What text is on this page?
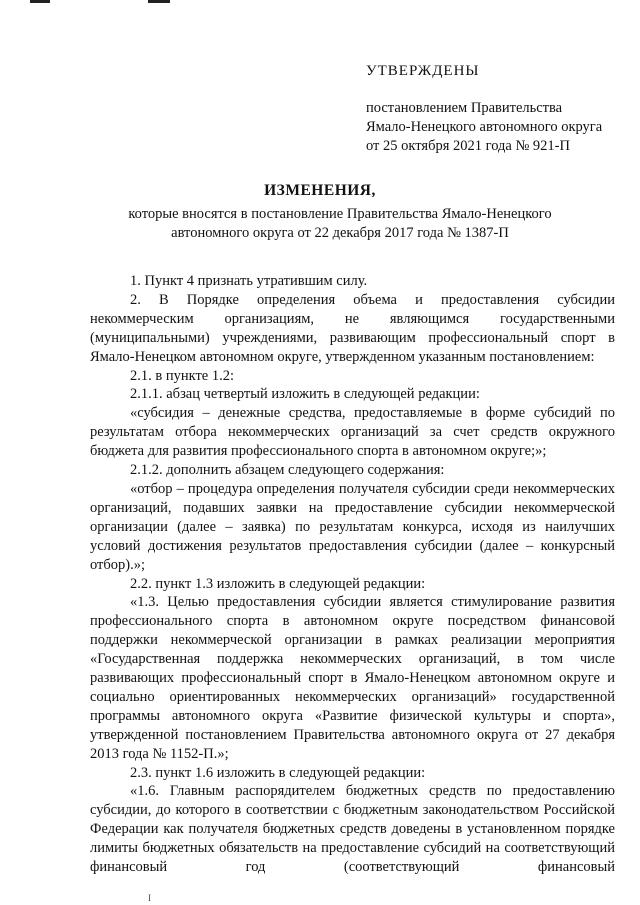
УТВЕРЖДЕНЫ
постановлением Правительства
Ямало-Ненецкого автономного округа
от 25 октября 2021 года № 921-П
ИЗМЕНЕНИЯ,
которые вносятся в постановление Правительства Ямало-Ненецкого
автономного округа от 22 декабря 2017 года № 1387-П

1. Пункт 4 признать утратившим силу.

2. В Порядке определения объема и предоставления субсидии некоммерческим организациям, не являющимся государственными (муниципальными) учреждениями, развивающим профессиональный спорт в Ямало-Ненецком автономном округе, утвержденном указанным постановлением:

2.1. в пункте 1.2:

2.1.1. абзац четвертый изложить в следующей редакции:

«субсидия – денежные средства, предоставляемые в форме субсидий по результатам отбора некоммерческих организаций за счет средств окружного бюджета для развития профессионального спорта в автономном округе;»;

2.1.2. дополнить абзацем следующего содержания:

«отбор – процедура определения получателя субсидии среди некоммерческих организаций, подавших заявки на предоставление субсидии некоммерческой организации (далее – заявка) по результатам конкурса, исходя из наилучших условий достижения результатов предоставления субсидии (далее – конкурсный отбор).»;

2.2. пункт 1.3 изложить в следующей редакции:

«1.3. Целью предоставления субсидии является стимулирование развития профессионального спорта в автономном округе посредством финансовой поддержки некоммерческой организации в рамках реализации мероприятия «Государственная поддержка некоммерческих организаций, в том числе развивающих профессиональный спорт в Ямало-Ненецком автономном округе и социально ориентированных некоммерческих организаций» государственной программы автономного округа «Развитие физической культуры и спорта», утвержденной постановлением Правительства автономного округа от 27 декабря 2013 года № 1152-П.»;

2.3. пункт 1.6 изложить в следующей редакции:

«1.6. Главным распорядителем бюджетных средств по предоставлению субсидии, до которого в соответствии с бюджетным законодательством Российской Федерации как получателя бюджетных средств доведены в установленном порядке лимиты бюджетных обязательств на предоставление субсидий на соответствующий финансовый год (соответствующий финансовый

I
